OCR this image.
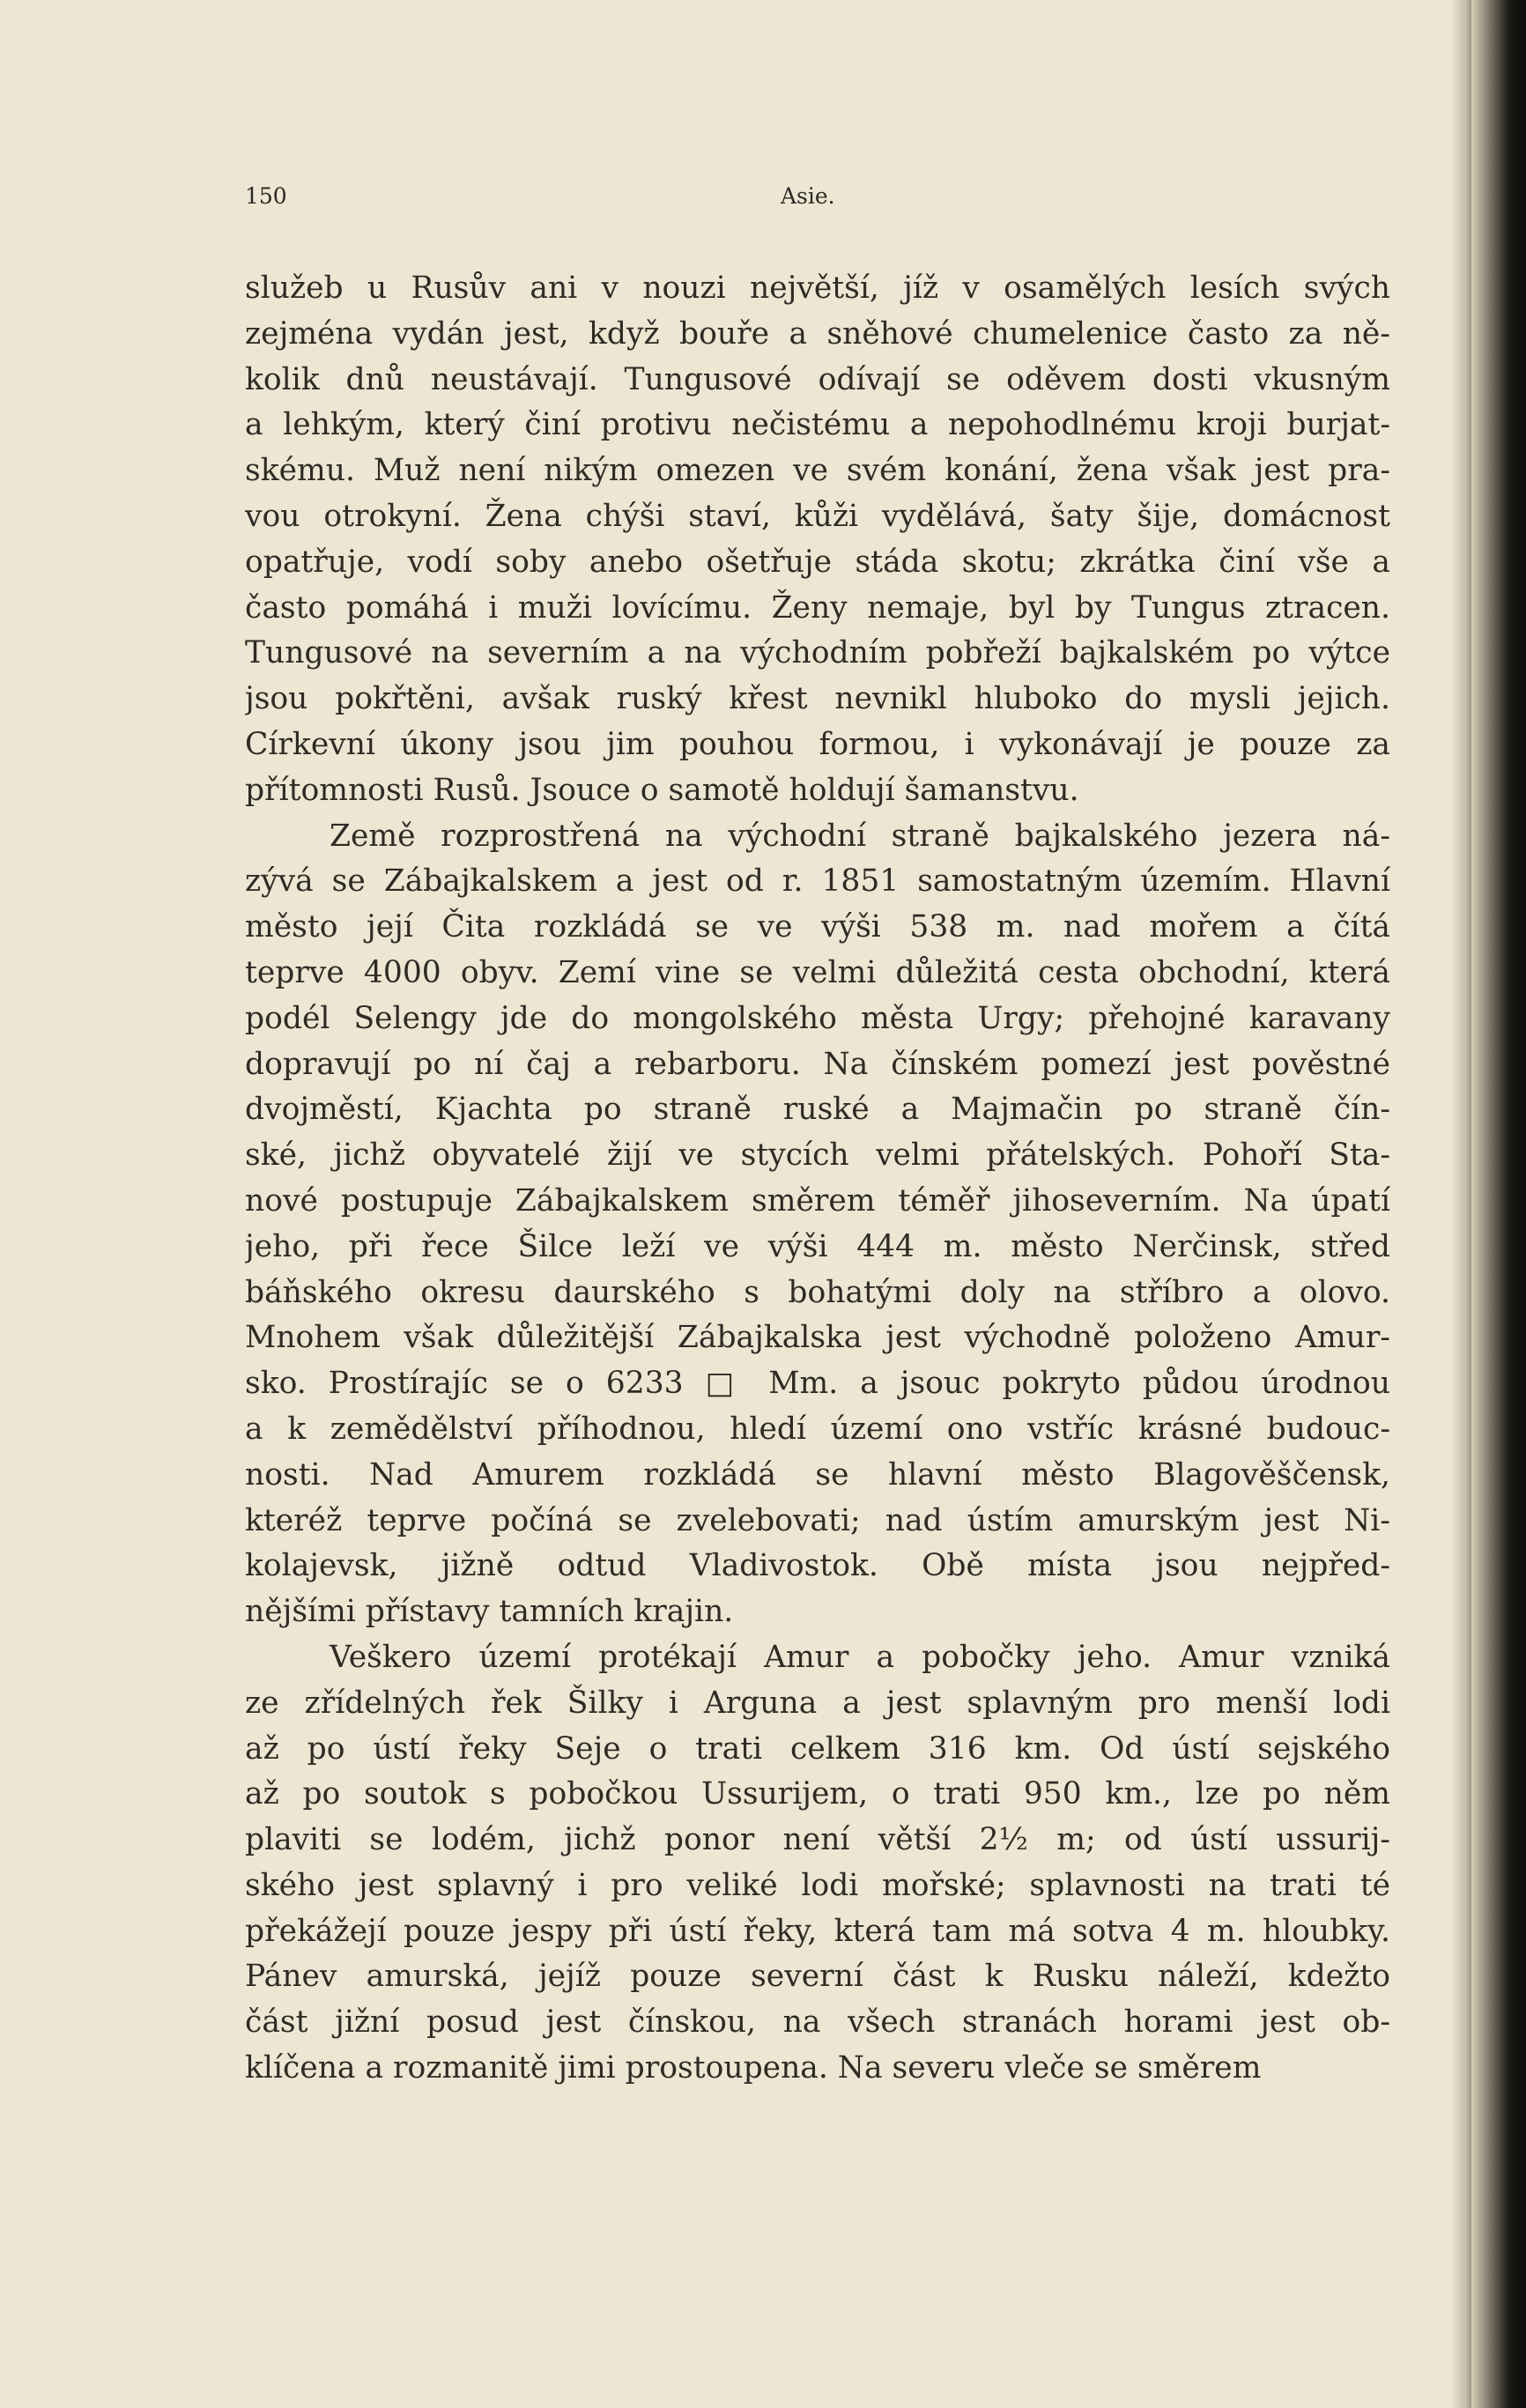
150	Asie.
služeb u Rusův ani v nouzi největší, jíž v osamělých lesích svých
zejména vydán jest, když bouře a sněhové chumelenice často za ně-
kolik dnů neustávají. Tungusové odívají se oděvem dosti vkusným
a lehkým, který činí protivu nečistému a nepohodlnému kroji burjat-
skému. Muž není nikým omezen ve svém konání, žena však jest pra-
vou otrokyní. Žena chýši staví, kůži vydělává, šaty šije, domácnost
opatřuje, vodí soby anebo ošetřuje stáda skotu; zkrátka činí vše a
často pomáhá i muži lovícímu. Ženy nemaje, byl by Tungus ztracen.
Tungusové na severním a na východním pobřeží bajkalském po výtce
jsou pokřtěni, avšak ruský křest nevnikl hluboko do mysli jejich.
Církevní úkony jsou jim pouhou formou, i vykonávají je pouze za
přítomnosti Rusů. Jsouce o samotě holdují šamanstvu.
Země rozprostřená na východní straně bajkalského jezera ná-
zývá se Zábajkalskem a jest od r. 1851 samostatným územím. Hlavní
město její Čita rozkládá se ve výši 538 m. nad mořem a čítá
teprve 4000 obyv. Zemí vine se velmi důležitá cesta obchodní, která
podél Selengy jde do mongolského města Urgy; přehojné karavany
dopravují po ní čaj a rebarboru. Na čínském pomezí jest pověstné
dvojměstí, Kjachta po straně ruské a Majmačin po straně čín-
ské, jichž obyvatelé žijí ve stycích velmi přátelských. Pohoří Sta-
nové postupuje Zábajkalskem směrem téměř jihoseverním. Na úpatí
jeho, při řece Šilce leží ve výši 444 m. město Nerčinsk, střed
báňského okresu daurského s bohatými doly na stříbro a olovo.
Mnohem však důležitější Zábajkalska jest východně položeno Amur-
sko. Prostírajíc se o 6233 □ Mm. a jsouc pokryto půdou úrodnou
a k zemědělství příhodnou, hledí území ono vstříc krásné budouc-
nosti. Nad Amurem rozkládá se hlavní město Blagověščensk,
kteréž teprve počíná se zvelebovati; nad ústím amurským jest Ni-
kolajevsk, jižně odtud Vladivostok. Obě místa jsou nejpřed-
nějšími přístavy tamních krajin.
Veškero území protékají Amur a pobočky jeho. Amur vzniká
ze zřídelných řek Šilky i Arguna a jest splavným pro menší lodi
až po ústí řeky Seje o trati celkem 316 km. Od ústí sejského
až po soutok s pobočkou Ussurijem, o trati 950 km., lze po něm
plaviti se lodém, jichž ponor není větší 2½ m; od ústí ussurij-
ského jest splavný i pro veliké lodi mořské; splavnosti na trati té
překážejí pouze jespy při ústí řeky, která tam má sotva 4 m. hloubky.
Pánev amurská, jejíž pouze severní část k Rusku náleží, kdežto
část jižní posud jest čínskou, na všech stranách horami jest ob-
klíčena a rozmanitě jimi prostoupena. Na severu vleče se směrem
